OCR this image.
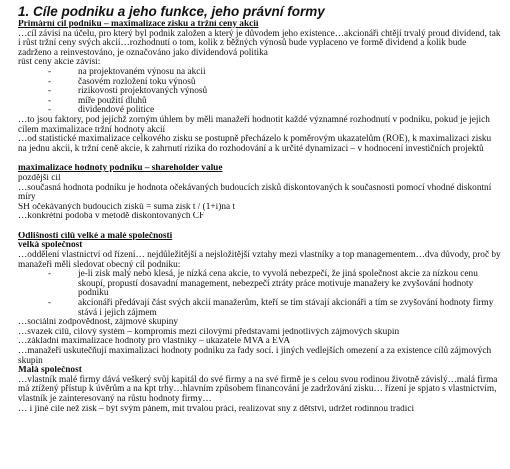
1. Cíle podniku a jeho funkce, jeho právní formy
Primární cíl podniku – maximalizace zisku a tržní ceny akcií
…cíl závisí na účelu, pro který byl podnik založen a který je důvodem jeho existence…akcionáři chtějí trvalý proud dividend, tak i růst tržní ceny svých akcií…rozhodnutí o tom, kolik z běžných výnosů bude vyplaceno ve formě dividend a kolik bude zadrženo a reinvestováno, je označováno jako dividendová politika
růst ceny akcie závisí:
- na projektovaném výnosu na akcii
- časovém rozložení toku výnosů
- rizikovosti projektovaných výnosů
- míře použití dluhů
- dividendové politice
…to jsou faktory, pod jejichž zorným úhlem by měli manažeři hodnotit každé významné rozhodnutí v podniku, pokud je jejich cílem maximalizace tržní hodnoty akcií
…od statistické maximalizace celkového zisku se postupně přecházelo k poměrovým ukazatelům (ROE), k maximalizaci zisku na jednu akcii, k tržní ceně akcie, k zahrnutí rizika do rozhodování a k určité dynamizaci – v hodnocení investičních projektů
maximalizace hodnoty podniku – shareholder value
pozdější cíl
…současná hodnota podniku je hodnota očekávaných budoucích zisků diskontovaných k současnosti pomocí vhodné diskontní míry
SH očekávaných budoucích zisků = suma zisk t / (1+i)na t
…konkrétní podoba v metodě diskontovaných CF
Odlišnosti cílů velké a malé společnosti
velká společnost
…oddělení vlastnictví od řízení… nejdůležitější a nejsložitější vztahy mezi vlastníky a top managementem…dva důvody, proč by manažeři měli sledovat obecný cíl podniku:
- je-li zisk malý nebo klesá, je nízká cena akcie, to vyvolá nebezpečí, že jiná společnost akcie za nízkou cenu skoupí, propustí dosavadní management, nebezpečí ztráty práce motivuje manažery ke zvyšování hodnoty podniku
- akcionáři předávají část svých akcií manažerům, kteří se tím stávají akcionáři a tím se zvyšování hodnoty firmy stává i jejich zájmem
…sociální zodpovědnost, zájmové skupiny
…svazek cílů, cílový systém – kompromis mezi cílovými představami jednotlivých zájmových skupin
…základní maximalizace hodnoty pro vlastníky – ukazatele MVA a EVA
…manažeři uskutečňují maximalizaci hodnoty podniku za řady socí. i jiných vedlejších omezení a za existence cílů zájmových skupin
Malá společnost
…vlastník malé firmy dává veškerý svůj kapitál do své firmy a na své firmě je s celou svou rodinou životně závislý…malá firma má ztížený přístup k úvěrům a na kpt trhy…hlavním způsobem financování je zadržování zisku… řízení je spjato s vlastnictvím, vlastník je zainteresovaný na růstu hodnoty firmy…
… i jiné cíle než zisk – být svým pánem, mít trvalou práci, realizovat sny z dětství, udržet rodinnou tradici
